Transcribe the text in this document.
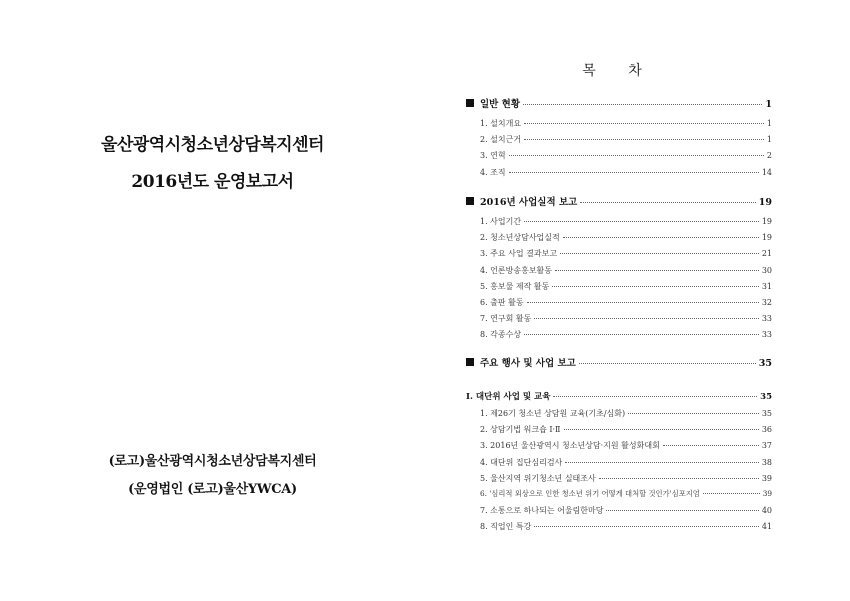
울산광역시청소년상담복지센터
2016년도 운영보고서
(로고)울산광역시청소년상담복지센터
(운영법인 (로고)울산YWCA)
목 차
일반 현황	1
1. 설치개요	1
2. 설치근거	1
3. 연혁	2
4. 조직	14
2016년 사업실적 보고	19
1. 사업기간	19
2. 청소년상담사업실적	19
3. 주요 사업 결과보고	21
4. 언론방송홍보활동	30
5. 홍보물 제작 활동	31
6. 출판 활동	32
7. 연구회 활동	33
8. 각종수상	33
주요 행사 및 사업 보고	35
Ⅰ. 대단위 사업 및 교육	35
1. 제26기 청소년 상담원 교육(기초/심화)	35
2. 상담기법 워크숍 Ⅰ·Ⅱ	36
3. 2016년 울산광역시 청소년상담·지원 활성화대회	37
4. 대단위 집단심리검사	38
5. 울산지역 위기청소년 실태조사	39
6. '심리적 외상으로 인한 청소년 위기 어떻게 대처할 것인가'심포지엄	39
7. 소통으로 하나되는 어울림한마당	40
8. 직업인 특강	41
